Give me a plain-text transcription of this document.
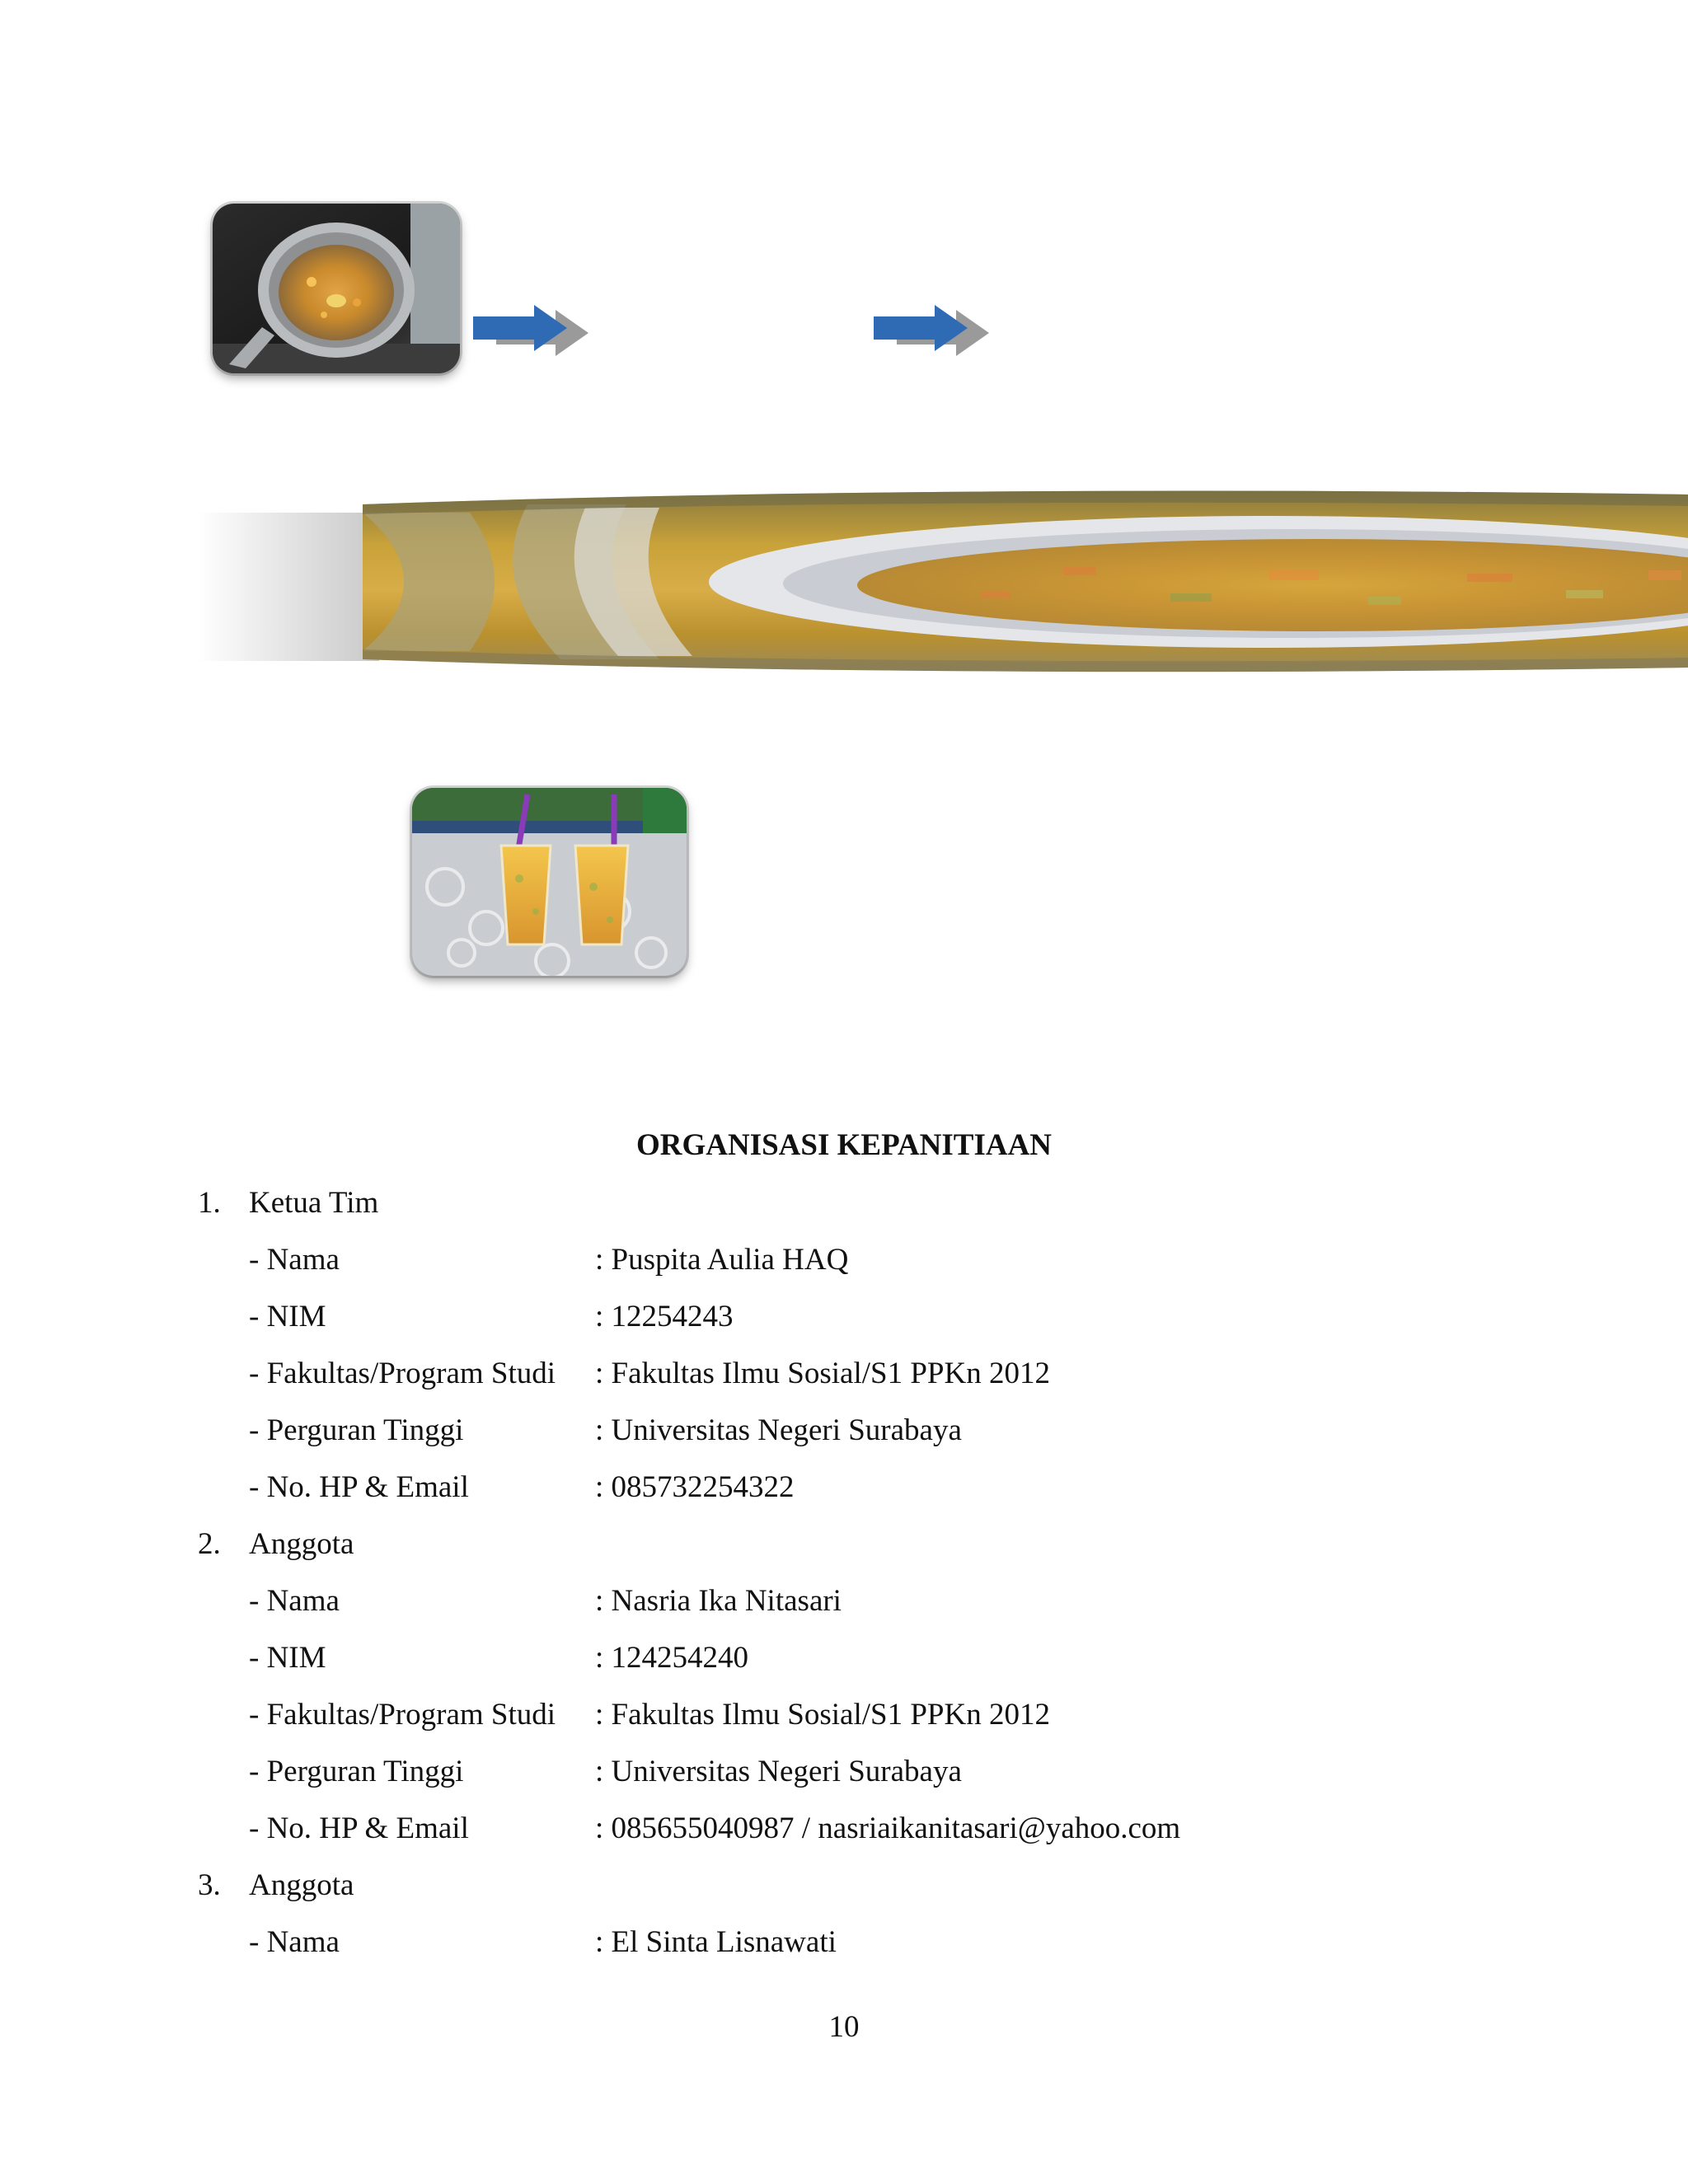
ORGANISASI KEPANITIAAN
1. Ketua Tim
- Nama	: Puspita Aulia HAQ
- NIM	: 12254243
- Fakultas/Program Studi	: Fakultas Ilmu Sosial/S1 PPKn 2012
- Perguran Tinggi	: Universitas Negeri Surabaya
- No. HP & Email	: 085732254322
2. Anggota
- Nama	: Nasria Ika Nitasari
- NIM	: 124254240
- Fakultas/Program Studi	: Fakultas Ilmu Sosial/S1 PPKn 2012
- Perguran Tinggi	: Universitas Negeri Surabaya
- No. HP & Email	: 085655040987 / nasriaikanitasari@yahoo.com
3. Anggota
- Nama	: El Sinta Lisnawati
10
